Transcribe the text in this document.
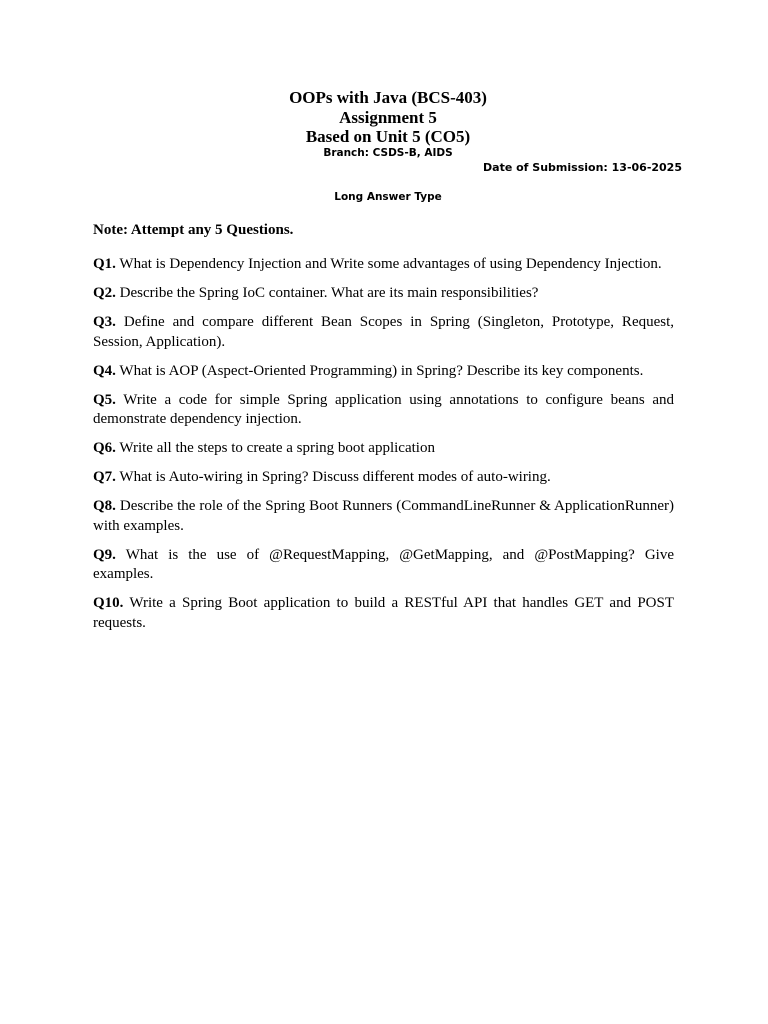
OOPs with Java (BCS-403)
Assignment 5
Based on Unit 5 (CO5)
Branch: CSDS-B, AIDS
Date of Submission: 13-06-2025
Long Answer Type
Note: Attempt any 5 Questions.

Q1. What is Dependency Injection and Write some advantages of using Dependency Injection.

Q2. Describe the Spring IoC container. What are its main responsibilities?

Q3. Define and compare different Bean Scopes in Spring (Singleton, Prototype, Request, Session, Application).

Q4. What is AOP (Aspect-Oriented Programming) in Spring? Describe its key components.

Q5. Write a code for simple Spring application using annotations to configure beans and demonstrate dependency injection.

Q6. Write all the steps to create a spring boot application

Q7. What is Auto-wiring in Spring? Discuss different modes of auto-wiring.

Q8. Describe the role of the Spring Boot Runners (CommandLineRunner & ApplicationRunner) with examples.

Q9. What is the use of @RequestMapping, @GetMapping, and @PostMapping? Give examples.

Q10. Write a Spring Boot application to build a RESTful API that handles GET and POST requests.
